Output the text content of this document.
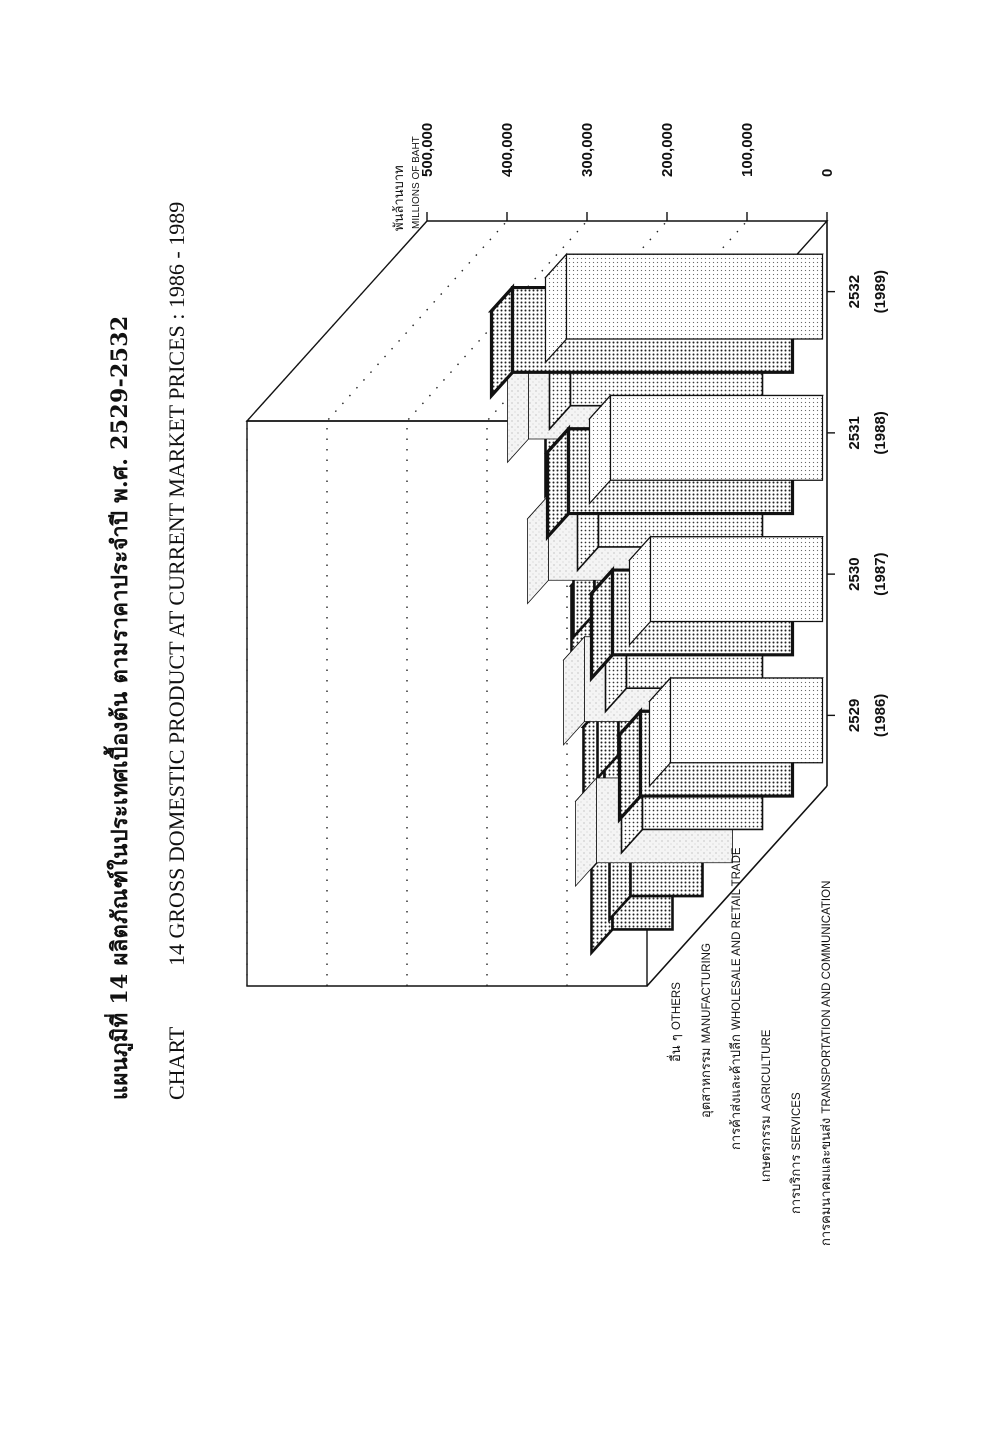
แผนภูมิที่ 14 ผลิตภัณฑ์ในประเทศเบื้องต้น ตามราคาประจำปี พ.ศ. 2529-2532 CHART
14 GROSS DOMESTIC PRODUCT AT CURRENT MARKET PRICES : 1986 - 1989	2529 (1986)
2530 (1987)
2531 (1988)
2532 (1989)
0
100,000
200,000
300,000
400,000
500,000
พันล้านบาท MILLIONS OF BAHT
อื่น ๆ OTHERS
อุตสาหกรรม MANUFACTURING
การค้าส่งและค้าปลีก WHOLESALE AND RETAIL TRADE
เกษตรกรรม AGRICULTURE
การบริการ SERVICES การคมนาคมและขนส่ง TRANSPORTATION AND COMMUNICATION
